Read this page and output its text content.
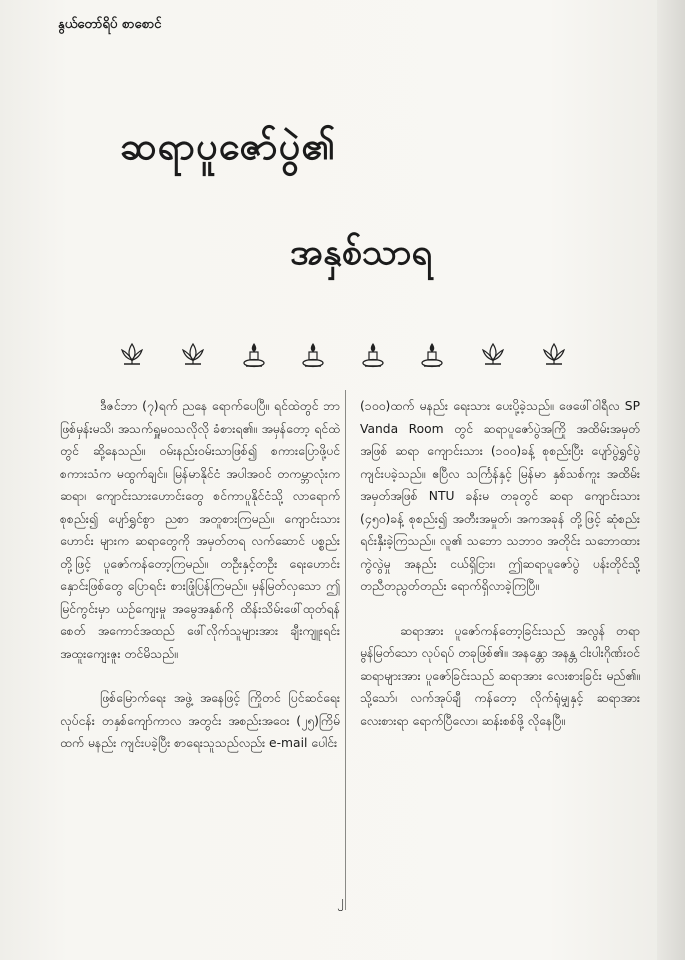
နွယ်တော်ရိပ် စာစောင်
ဆရာပူဇော်ပွဲ၏
အနှစ်သာရ

ဒီဇင်ဘာ (၇)ရက် ညနေ ရောက်ပေပြီ။ ရင်ထဲတွင် ဘာဖြစ်မှန်းမသိ၊ အသက်ရှူမဝသလိုလို ခံစားရ၏။ အမှန်တော့ ရင်ထဲတွင် ဆို့နေသည်။ ဝမ်းနည်းဝမ်းသာဖြစ်၍ စကားပြောဖို့ပင် စကားသံက မထွက်ချင်။ မြန်မာနိုင်ငံ အပါအဝင် တကမ္ဘာလုံးက ဆရာ၊ ကျောင်းသားဟောင်းတွေ စင်ကာပူနိုင်ငံသို့ လာရောက်စုစည်း၍ ပျော်ရွှင်စွာ ညစာ အတူစားကြမည်။ ကျောင်းသားဟောင်း များက ဆရာတွေကို အမှတ်တရ လက်ဆောင် ပစ္စည်းတို့ဖြင့် ပူဇော်ကန်တော့ကြမည်။ တဦးနှင့်တဦး ရေးဟောင်းနှောင်းဖြစ်တွေ ပြောရင်း စားဖြုံပြန်ကြမည်။ မှန်မြတ်လှသော ဤမြင်ကွင်းမှာ ယဉ်ကျေးမှု အမွေအနှစ်ကို ထိန်းသိမ်းဖေါ်ထုတ်ရန် စေတ် အကောင်အထည် ဖေါ်လိုက်သူများအား ချီးကျူးရင်း အထူးကျေးဇူး တင်မိသည်။

ဖြစ်မြောက်ရေး အဖွဲ့ အနေဖြင့် ကြိုတင် ပြင်ဆင်ရေးလုပ်ငန်း တနှစ်ကျော်ကာလ အတွင်း အစည်းအဝေး (၂၅)ကြိမ်ထက် မနည်း ကျင်းပခဲ့ပြီး စာရေးသူသည်လည်း e-mail ပေါင်း

(၁၀၀)ထက် မနည်း ရေးသား ပေးပို့ခဲ့သည်။ ဖေဖေါ်ဝါရီလ SP Vanda Room တွင် ဆရာပူဇော်ပွဲအကြို အထိမ်းအမှတ် အဖြစ် ဆရာ ကျောင်းသား (၁၀၀)ခန့် စုစည်းပြီး ပျော်ပွဲရွှင်ပွဲ ကျင်းပခဲ့သည်။ ဧပြီလ သင်္ကြန်နှင့် မြန်မာ နှစ်သစ်ကူး အထိမ်း အမှတ်အဖြစ် NTU ခန်းမ တခုတွင် ဆရာ ကျောင်းသား (၄၅၀)ခန့် စုစည်း၍ အတီးအမှုတ်၊ အကအခုန် တို့ဖြင့် ဆုံစည်း ရင်းနှီးခဲ့ကြသည်။ လူ၏ သဘော သဘာဝ အတိုင်း သဘောထား ကွဲလွဲမှု အနည်း ငယ်ရှိငြား၊ ဤဆရာပူဇော်ပွဲ ပန်းတိုင်သို့ တညီတညွတ်တည်း ရောက်ရှိလာခဲ့ကြပြီ။

ဆရာအား ပူဇော်ကန်တော့ခြင်းသည် အလွန် တရာ မွန်မြတ်သော လုပ်ရပ် တခုဖြစ်၏။ အနန္တော အနန္တ ငါးပါးဂိုဏ်းဝင် ဆရာများအား ပူဇော်ခြင်းသည် ဆရာအား လေးစားခြင်း မည်၏။ သို့သော်၊ လက်အုပ်ချီ ကန်တော့ လိုက်ရုံမျှနှင့် ဆရာအား လေးစားရာ ရောက်ပြီလော၊ ဆန်းစစ်ဖို့ လိုနေပြီ။

၂
